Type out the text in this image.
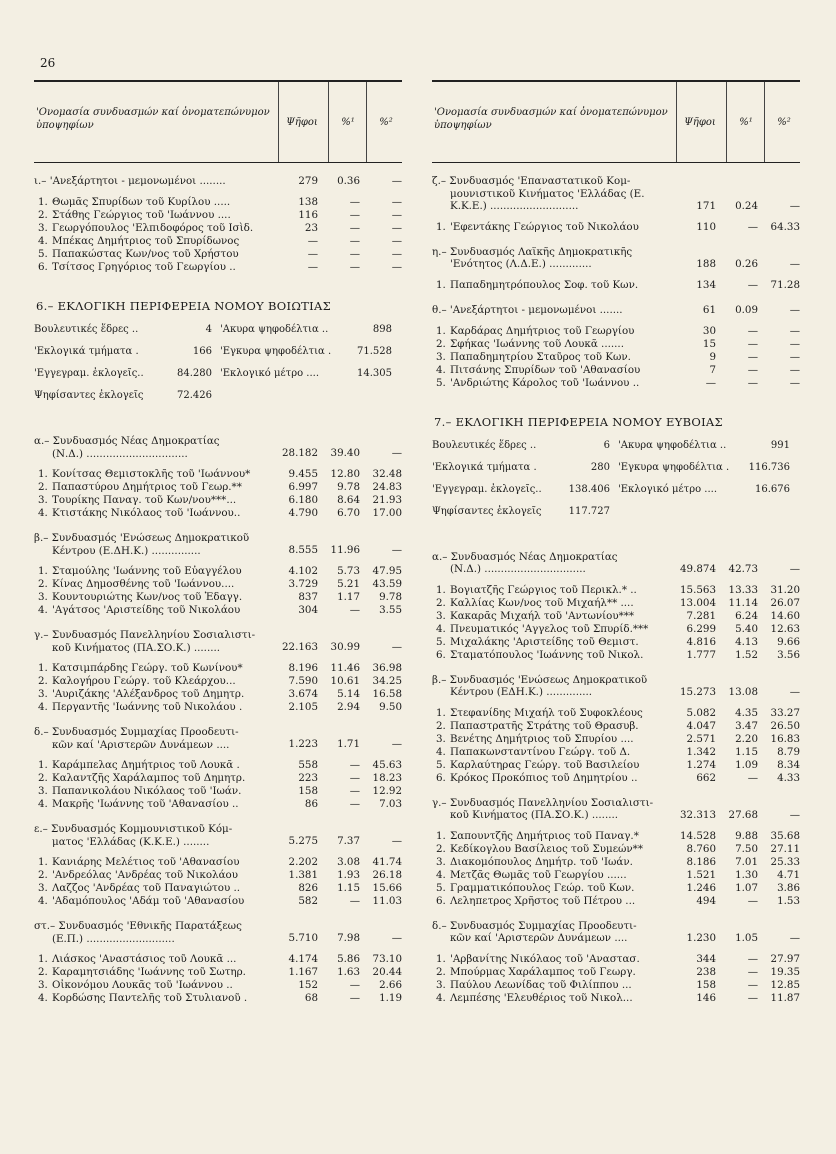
26
'Ονομασία συνδυασμών καί ὀνοματεπώνυμον ὑποψηφίων	Ψῆφοι	%¹	%²
ι.– 'Ανεξάρτητοι - μεμονωμένοι ........	279	0.36	—
1. Θωμᾶς Σπυρίδων τοῦ Κυρίλου .....	138	—	—
2. Στάθης Γεώργιος τοῦ 'Ιωάννου ....	116	—	—
3. Γεωργόπουλος 'Ελπιδοφόρος τοῦ Ισὶδ.	23	—	—
4. Μπέκας Δημήτριος τοῦ Σπυρίδωνος	—	—	—
5. Παπακώστας Κων/νος τοῦ Χρήστου	—	—	—
6. Τσίτσος Γρηγόριος τοῦ Γεωργίου ..	—	—	—
6.– ΕΚΛΟΓΙΚΗ ΠΕΡΙΦΕΡΕΙΑ ΝΟΜΟΥ ΒΟΙΩΤΙΑΣ
Βουλευτικές ἕδρες ..	4 'Ακυρα ψηφοδέλτια ..	898
'Εκλογικά τμήματα .	166 'Εγκυρα ψηφοδέλτια .	71.528
'Εγγεγραμ. ἐκλογεῖς..	84.280 'Εκλογικό μέτρο ....	14.305
Ψηφίσαντες ἐκλογεῖς	72.426
α.– Συνδυασμός Νέας Δημοκρατίας
(Ν.Δ.) ...............................	28.182	39.40	—
1. Κονίτσας Θεμιστοκλῆς τοῦ 'Ιωάννου*	9.455	12.80	32.48
2. Παπαστύρου Δημήτριος τοῦ Γεωρ.**	6.997	9.78	24.83
3. Τουρίκης Παναγ. τοῦ Κων/νου***...	6.180	8.64	21.93
4. Κτιστάκης Νικόλαος τοῦ 'Ιωάννου..	4.790	6.70	17.00
β.– Συνδυασμός 'Ενώσεως Δημοκρατικοῦ
Κέντρου (Ε.ΔΗ.Κ.) ...............	8.555	11.96	—
1. Σταμούλης 'Ιωάννης τοῦ Εὐαγγέλου	4.102	5.73	47.95
2. Κίνας Δημοσθένης τοῦ 'Ιωάννου....	3.729	5.21	43.59
3. Κουντουριώτης Κων/νος τοῦ Ἑδαγγ.	837	1.17	9.78
4. 'Αγάτσος 'Αριστείδης τοῦ Νικολάου	304	—	3.55
γ.– Συνδυασμός Πανελληνίου Σοσιαλιστι-
κοῦ Κινήματος (ΠΑ.ΣΟ.Κ.) ........	22.163	30.99	—
1. Κατσιμπάρδης Γεώργ. τοῦ Κωνίνου*	8.196	11.46	36.98
2. Καλογήρου Γεώργ. τοῦ Κλεάρχου...	7.590	10.61	34.25
3. 'Αυριζάκης 'Αλέξανδρος τοῦ Δημητρ.	3.674	5.14	16.58
4. Περγαντῆς 'Ιωάννης τοῦ Νικολάου .	2.105	2.94	9.50
δ.– Συνδυασμός Συμμαχίας Προοδευτι-
κῶν καί 'Αριστερῶν Δυνάμεων ....	1.223	1.71	—
1. Καράμπελας Δημήτριος τοῦ Λουκᾶ .	558	—	45.63
2. Καλαντζῆς Χαράλαμπος τοῦ Δημητρ.	223	—	18.23
3. Παπανικολάου Νικόλαος τοῦ 'Ιωάν.	158	—	12.92
4. Μακρῆς 'Ιωάννης τοῦ 'Αθανασίου ..	86	—	7.03
ε.– Συνδυασμός Κομμουνιστικοῦ Κόμ-
ματος 'Ελλάδας (Κ.Κ.Ε.) ........	5.275	7.37	—
1. Κανιάρης Μελέτιος τοῦ 'Αθανασίου	2.202	3.08	41.74
2. 'Ανδρεόλας 'Ανδρέας τοῦ Νικολάου	1.381	1.93	26.18
3. Λαζζος 'Ανδρέας τοῦ Παναγιώτου ..	826	1.15	15.66
4. 'Αδαμόπουλος 'Αδάμ τοῦ 'Αθανασίου	582	—	11.03
στ.– Συνδυασμός 'Εθνικῆς Παρατάξεως
(Ε.Π.) ...........................	5.710	7.98	—
1. Λιάσκος 'Αναστάσιος τοῦ Λουκᾶ ...	4.174	5.86	73.10
2. Καραμητσιάδης 'Ιωάννης τοῦ Σωτηρ.	1.167	1.63	20.44
3. Οἰκονόμου Λουκᾶς τοῦ 'Ιωάννου ..	152	—	2.66
4. Κορδώσης Παντελῆς τοῦ Στυλιανοῦ .	68	—	1.19
'Ονομασία συνδυασμών καί ὀνοματεπώνυμον ὑποψηφίων	Ψῆφοι	%¹	%²
ζ.– Συνδυασμός 'Επαναστατικοῦ Κομ-
μουνιστικοῦ Κινήματος 'Ελλάδας (Ε.
Κ.Κ.Ε.) ...........................	171	0.24	—
1. 'Εφεντάκης Γεώργιος τοῦ Νικολάου	110	—	64.33
η.– Συνδυασμός Λαϊκῆς Δημοκρατικῆς
'Ενότητος (Λ.Δ.Ε.) .............	188	0.26	—
1. Παπαδημητρόπουλος Σοφ. τοῦ Κων.	134	—	71.28
θ.– 'Ανεξάρτητοι - μεμονωμένοι .......	61	0.09	—
1. Καρδάρας Δημήτριος τοῦ Γεωργίου	30	—	—
2. Σφήκας 'Ιωάννης τοῦ Λουκᾶ .......	15	—	—
3. Παπαδημητρίου Σταῦρος τοῦ Κων.	9	—	—
4. Πιτσάνης Σπυρίδων τοῦ 'Αθανασίου	7	—	—
5. 'Ανδριώτης Κάρολος τοῦ 'Ιωάννου ..	—	—	—
7.– ΕΚΛΟΓΙΚΗ ΠΕΡΙΦΕΡΕΙΑ ΝΟΜΟΥ ΕΥΒΟΙΑΣ
Βουλευτικές ἕδρες ..	6 'Ακυρα ψηφοδέλτια ..	991
'Εκλογικά τμήματα .	280 'Εγκυρα ψηφοδέλτια .	116.736
'Εγγεγραμ. ἐκλογεῖς..	138.406 'Εκλογικό μέτρο ....	16.676
Ψηφίσαντες ἐκλογεῖς	117.727
α.– Συνδυασμός Νέας Δημοκρατίας
(Ν.Δ.) ...............................	49.874	42.73	—
1. Βογιατζῆς Γεώργιος τοῦ Περικλ.* ..	15.563	13.33	31.20
2. Καλλίας Κων/νος τοῦ Μιχαήλ** ....	13.004	11.14	26.07
3. Κακαρᾶς Μιχαήλ τοῦ 'Αντωνίου***	7.281	6.24	14.60
4. Πνευματικός 'Αγγελος τοῦ Σπυρίδ.***	6.299	5.40	12.63
5. Μιχαλάκης 'Αριστείδης τοῦ Θεμιστ.	4.816	4.13	9.66
6. Σταματόπουλος 'Ιωάννης τοῦ Νικολ.	1.777	1.52	3.56
β.– Συνδυασμός 'Ενώσεως Δημοκρατικοῦ
Κέντρου (ΕΔΗ.Κ.) ..............	15.273	13.08	—
1. Στεφανίδης Μιχαήλ τοῦ Συφοκλέους	5.082	4.35	33.27
2. Παπαστρατῆς Στράτης τοῦ Θρασυβ.	4.047	3.47	26.50
3. Βενέτης Δημήτριος τοῦ Σπυρίου ....	2.571	2.20	16.83
4. Παπακωνσταντίνου Γεώργ. τοῦ Δ.	1.342	1.15	8.79
5. Καρλαύτηρας Γεώργ. τοῦ Βασιλείου	1.274	1.09	8.34
6. Κρόκος Προκόπιος τοῦ Δημητρίου ..	662	—	4.33
γ.– Συνδυασμός Πανελληνίου Σοσιαλιστι-
κοῦ Κινήματος (ΠΑ.ΣΟ.Κ.) ........	32.313	27.68	—
1. Σαπουντζῆς Δημήτριος τοῦ Παναγ.*	14.528	9.88	35.68
2. Κεδίκογλου Βασίλειος τοῦ Συμεών**	8.760	7.50	27.11
3. Διακομόπουλος Δημήτρ. τοῦ 'Ιωάν.	8.186	7.01	25.33
4. Μετζᾶς Θωμᾶς τοῦ Γεωργίου ......	1.521	1.30	4.71
5. Γραμματικόπουλος Γεώρ. τοῦ Κων.	1.246	1.07	3.86
6. Λεληπετρος Χρῆστος τοῦ Πέτρου ...	494	—	1.53
δ.– Συνδυασμός Συμμαχίας Προοδευτι-
κῶν καί 'Αριστερῶν Δυνάμεων ....	1.230	1.05	—
1. 'Αρβανίτης Νικόλαος τοῦ 'Αναστασ.	344	—	27.97
2. Μπούρμας Χαράλαμπος τοῦ Γεωργ.	238	—	19.35
3. Παύλου Λεωνίδας τοῦ Φιλίππου ...	158	—	12.85
4. Λεμπέσης 'Ελευθέριος τοῦ Νικολ...	146	—	11.87
